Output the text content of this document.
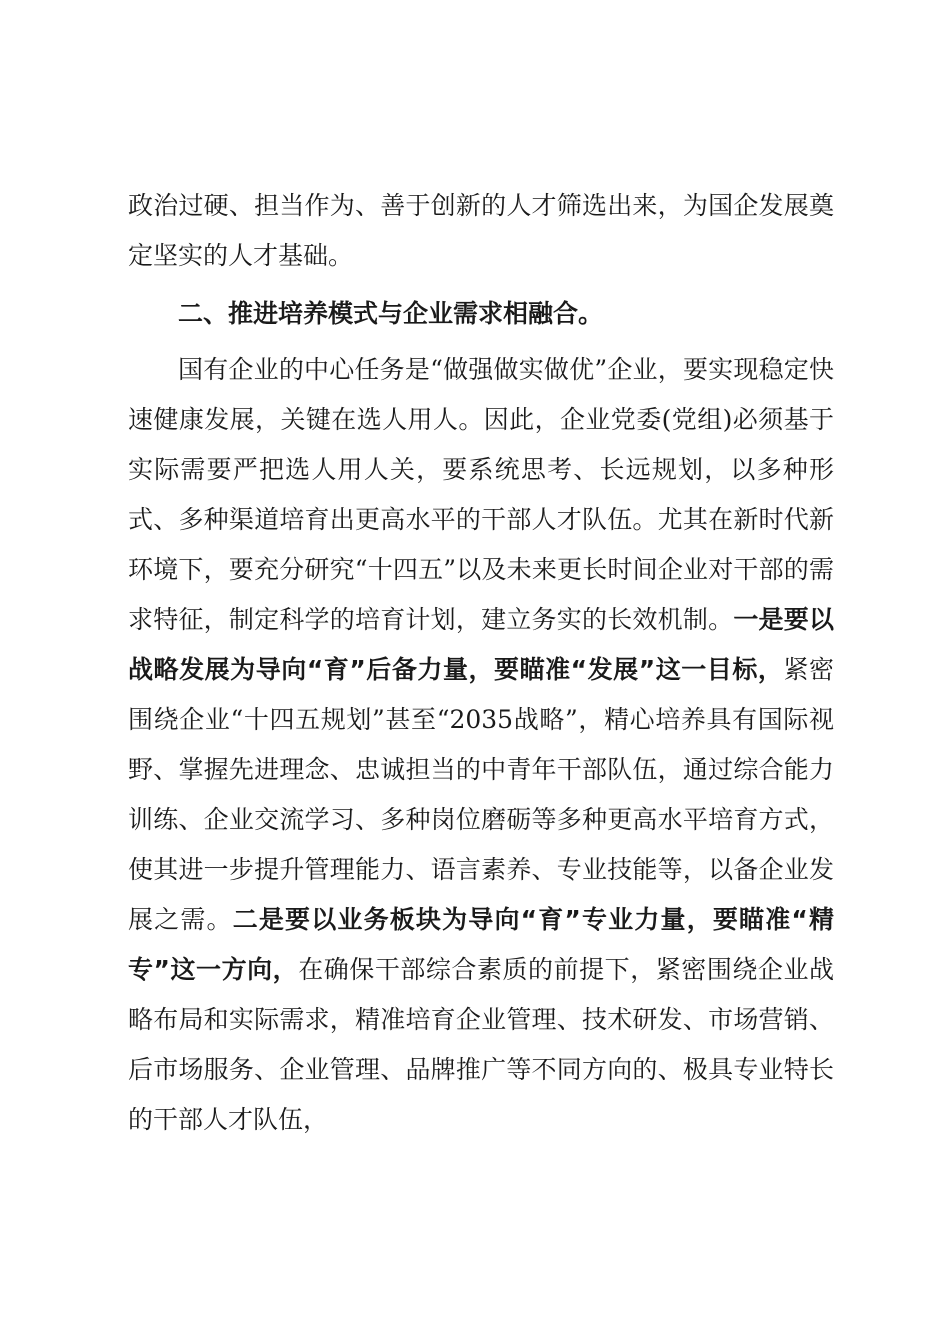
政治过硬、担当作为、善于创新的人才筛选出来，为国企发展奠定坚实的人才基础。

二、推进培养模式与企业需求相融合。

国有企业的中心任务是“做强做实做优”企业，要实现稳定快速健康发展，关键在选人用人。因此，企业党委(党组)必须基于实际需要严把选人用人关，要系统思考、长远规划，以多种形式、多种渠道培育出更高水平的干部人才队伍。尤其在新时代新环境下，要充分研究“十四五”以及未来更长时间企业对干部的需求特征，制定科学的培育计划，建立务实的长效机制。一是要以战略发展为导向“育”后备力量，要瞄准“发展”这一目标，紧密围绕企业“十四五规划”甚至“2035战略”，精心培养具有国际视野、掌握先进理念、忠诚担当的中青年干部队伍，通过综合能力训练、企业交流学习、多种岗位磨砺等多种更高水平培育方式，使其进一步提升管理能力、语言素养、专业技能等，以备企业发展之需。二是要以业务板块为导向“育”专业力量，要瞄准“精专”这一方向，在确保干部综合素质的前提下，紧密围绕企业战略布局和实际需求，精准培育企业管理、技术研发、市场营销、后市场服务、企业管理、品牌推广等不同方向的、极具专业特长的干部人才队伍，
